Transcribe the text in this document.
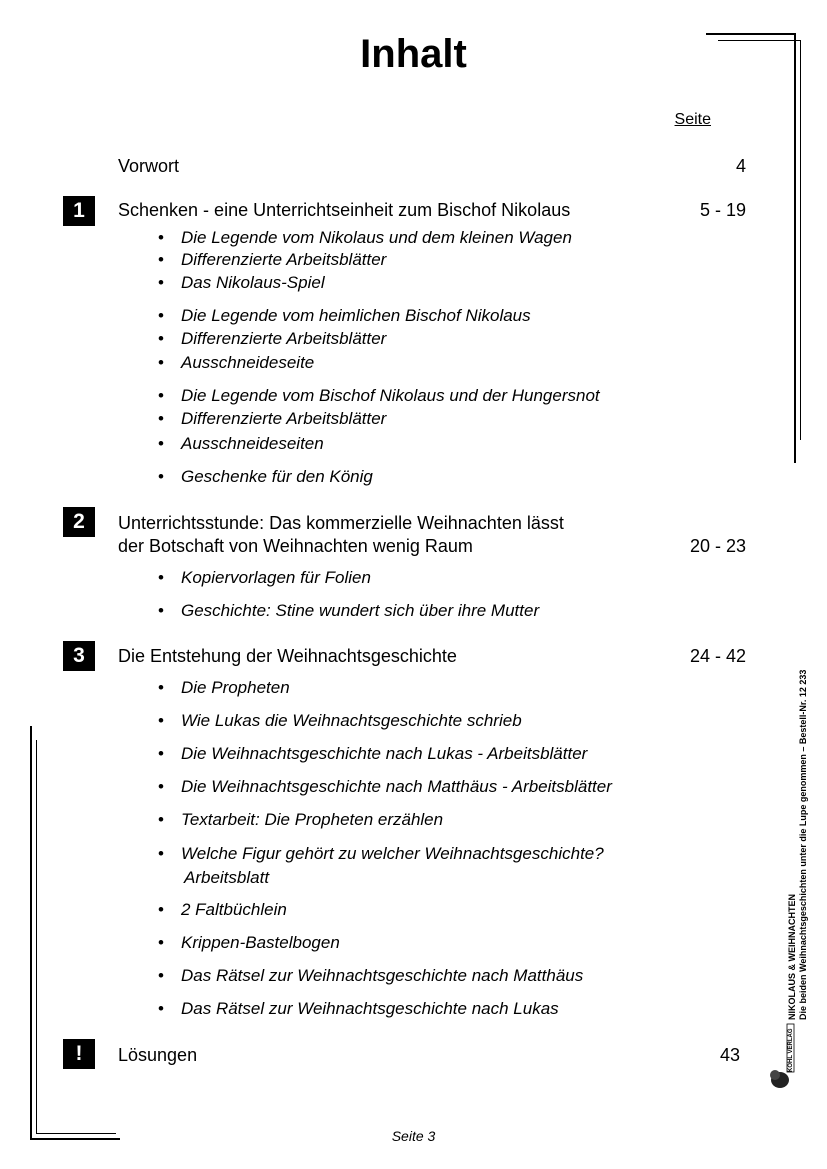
Inhalt
Seite
Vorwort	4
1	Schenken - eine Unterrichtseinheit zum Bischof Nikolaus	5 - 19
• Die Legende vom Nikolaus und dem kleinen Wagen
• Differenzierte Arbeitsblätter
• Das Nikolaus-Spiel
• Die Legende vom heimlichen Bischof Nikolaus
• Differenzierte Arbeitsblätter
• Ausschneideseite
• Die Legende vom Bischof Nikolaus und der Hungersnot
• Differenzierte Arbeitsblätter
• Ausschneideseiten
• Geschenke für den König
2	Unterrichtsstunde: Das kommerzielle Weihnachten lässt
der Botschaft von Weihnachten wenig Raum	20 - 23
• Kopiervorlagen für Folien
• Geschichte: Stine wundert sich über ihre Mutter
3	Die Entstehung der Weihnachtsgeschichte	24 - 42
• Die Propheten
• Wie Lukas die Weihnachtsgeschichte schrieb
• Die Weihnachtsgeschichte nach Lukas - Arbeitsblätter
• Die Weihnachtsgeschichte nach Matthäus - Arbeitsblätter
• Textarbeit: Die Propheten erzählen
• Welche Figur gehört zu welcher Weihnachtsgeschichte?
Arbeitsblatt
• 2 Faltbüchlein
• Krippen-Bastelbogen
• Das Rätsel zur Weihnachtsgeschichte nach Matthäus
• Das Rätsel zur Weihnachtsgeschichte nach Lukas
!	Lösungen	43
NIKOLAUS & WEIHNACHTEN Die beiden Weihnachtsgeschichten unter die Lupe genommen – Bestell-Nr. 12 233
KOHL VERLAG
Seite 3
